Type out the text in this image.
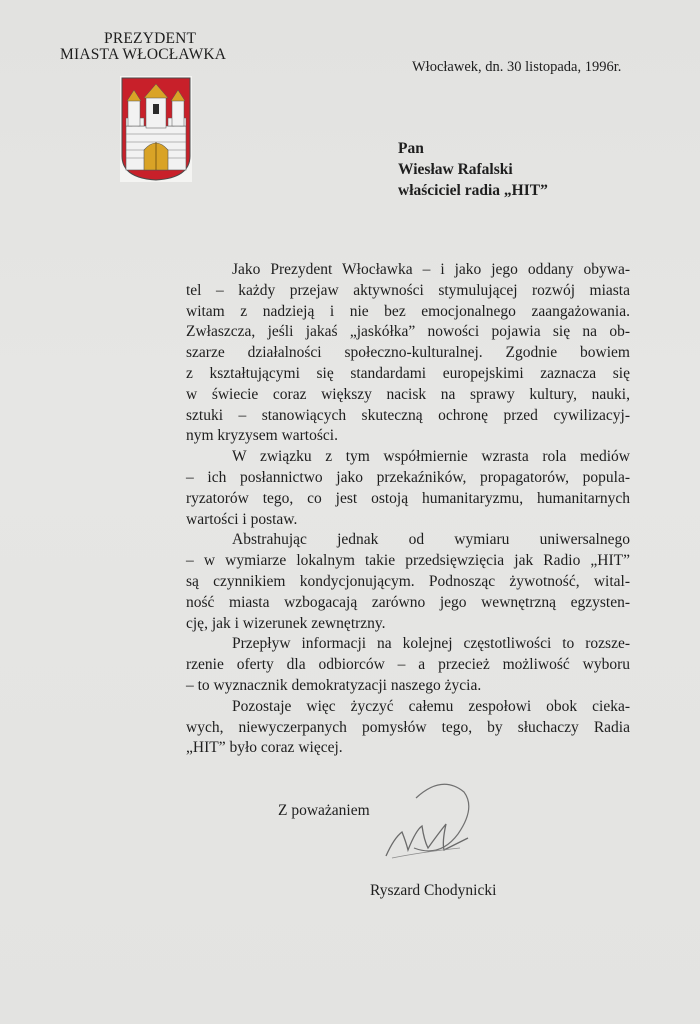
PREZYDENT
MIASTA WŁOCŁAWKA
Włocławek, dn. 30 listopada, 1996r.
Pan
Wiesław Rafalski
właściciel radia „HIT”
Jako Prezydent Włocławka – i jako jego oddany obywa-
tel – każdy przejaw aktywności stymulującej rozwój miasta
witam z nadzieją i nie bez emocjonalnego zaangażowania.
Zwłaszcza, jeśli jakaś „jaskółka” nowości pojawia się na ob-
szarze działalności społeczno-kulturalnej. Zgodnie bowiem
z kształtującymi się standardami europejskimi zaznacza się
w świecie coraz większy nacisk na sprawy kultury, nauki,
sztuki – stanowiących skuteczną ochronę przed cywilizacyj-
nym kryzysem wartości.
W związku z tym współmiernie wzrasta rola mediów
– ich posłannictwo jako przekaźników, propagatorów, popula-
ryzatorów tego, co jest ostoją humanitaryzmu, humanitarnych
wartości i postaw.
Abstrahując jednak od wymiaru uniwersalnego
– w wymiarze lokalnym takie przedsięwzięcia jak Radio „HIT”
są czynnikiem kondycjonującym. Podnosząc żywotność, wital-
ność miasta wzbogacają zarówno jego wewnętrzną egzysten-
cję, jak i wizerunek zewnętrzny.
Przepływ informacji na kolejnej częstotliwości to rozsze-
rzenie oferty dla odbiorców – a przecież możliwość wyboru
– to wyznacznik demokratyzacji naszego życia.
Pozostaje więc życzyć całemu zespołowi obok cieka-
wych, niewyczerpanych pomysłów tego, by słuchaczy Radia
„HIT” było coraz więcej.
Z poważaniem
Ryszard Chodynicki
